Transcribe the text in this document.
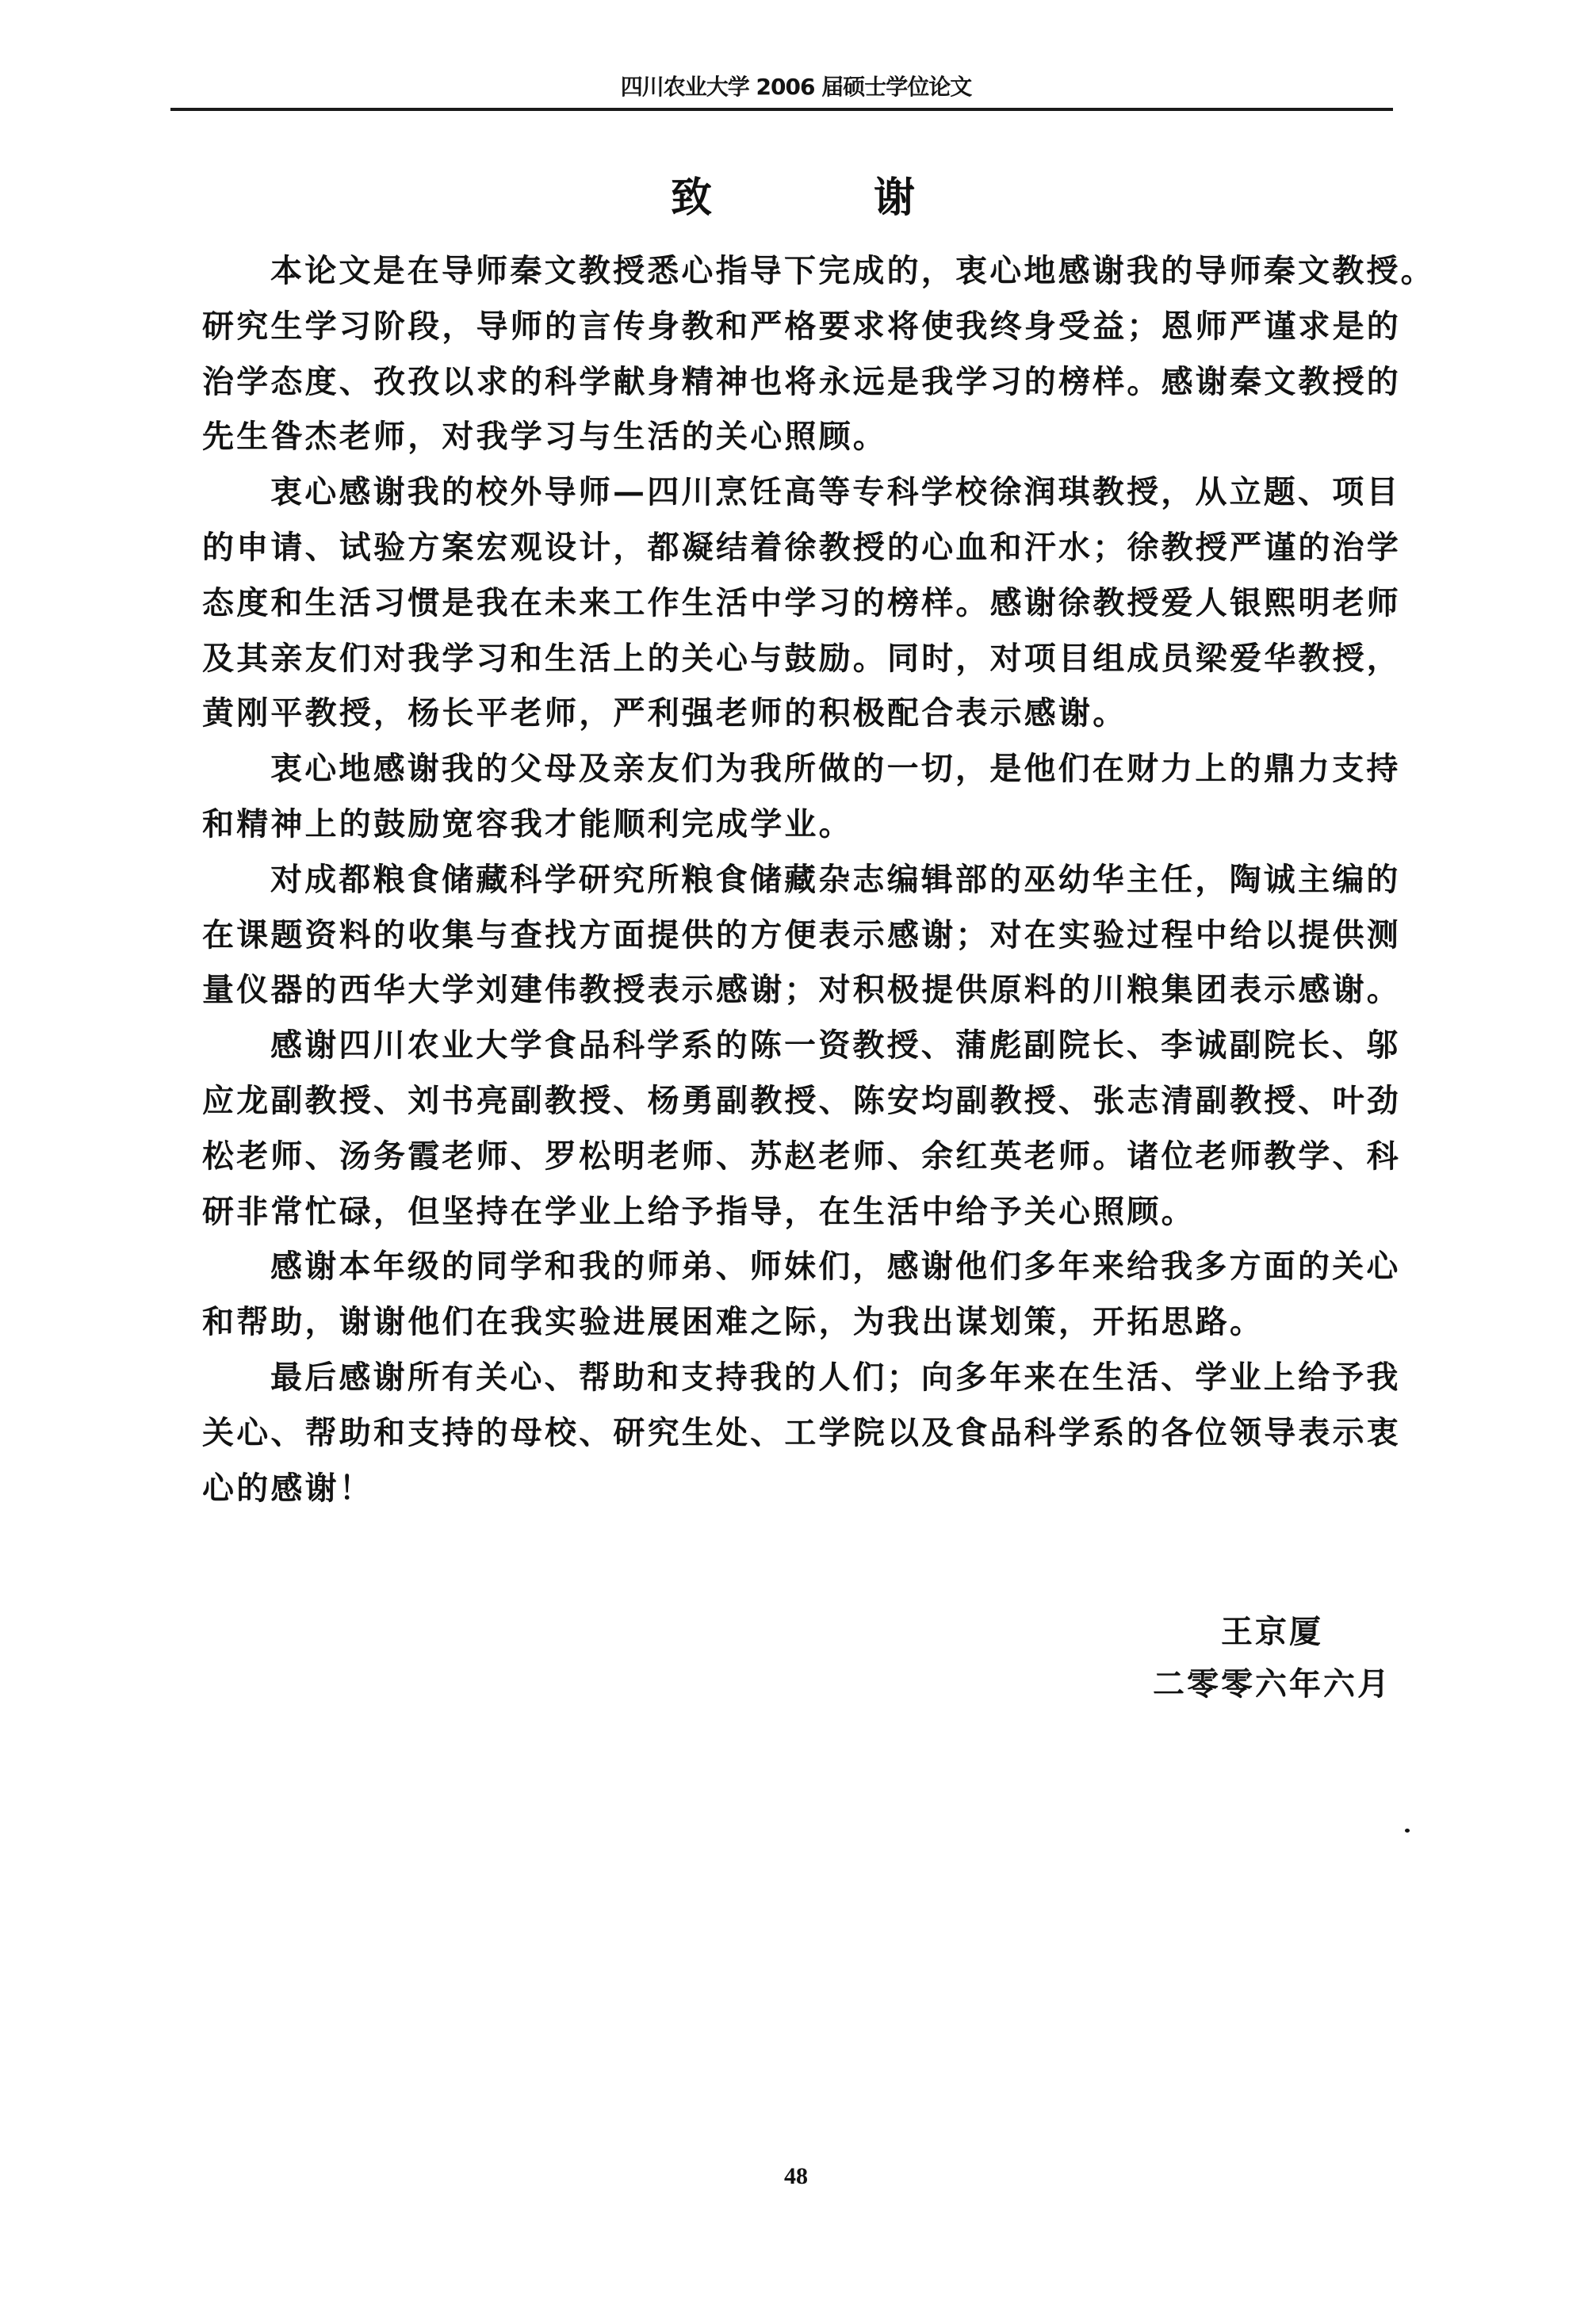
四川农业大学 2006 届硕士学位论文
致	谢
本论文是在导师秦文教授悉心指导下完成的，衷心地感谢我的导师秦文教授。
研究生学习阶段，导师的言传身教和严格要求将使我终身受益；恩师严谨求是的
治学态度、孜孜以求的科学献身精神也将永远是我学习的榜样。感谢秦文教授的
先生昝杰老师，对我学习与生活的关心照顾。
衷心感谢我的校外导师—四川烹饪高等专科学校徐润琪教授，从立题、项目
的申请、试验方案宏观设计，都凝结着徐教授的心血和汗水；徐教授严谨的治学
态度和生活习惯是我在未来工作生活中学习的榜样。感谢徐教授爱人银熙明老师
及其亲友们对我学习和生活上的关心与鼓励。同时，对项目组成员梁爱华教授，
黄刚平教授，杨长平老师，严利强老师的积极配合表示感谢。
衷心地感谢我的父母及亲友们为我所做的一切，是他们在财力上的鼎力支持
和精神上的鼓励宽容我才能顺利完成学业。
对成都粮食储藏科学研究所粮食储藏杂志编辑部的巫幼华主任，陶诚主编的
在课题资料的收集与查找方面提供的方便表示感谢；对在实验过程中给以提供测
量仪器的西华大学刘建伟教授表示感谢；对积极提供原料的川粮集团表示感谢。
感谢四川农业大学食品科学系的陈一资教授、蒲彪副院长、李诚副院长、邬
应龙副教授、刘书亮副教授、杨勇副教授、陈安均副教授、张志清副教授、叶劲
松老师、汤务霞老师、罗松明老师、苏赵老师、余红英老师。诸位老师教学、科
研非常忙碌，但坚持在学业上给予指导，在生活中给予关心照顾。
感谢本年级的同学和我的师弟、师妹们，感谢他们多年来给我多方面的关心
和帮助，谢谢他们在我实验进展困难之际，为我出谋划策，开拓思路。
最后感谢所有关心、帮助和支持我的人们；向多年来在生活、学业上给予我
关心、帮助和支持的母校、研究生处、工学院以及食品科学系的各位领导表示衷
心的感谢！
王京厦
二零零六年六月
48
